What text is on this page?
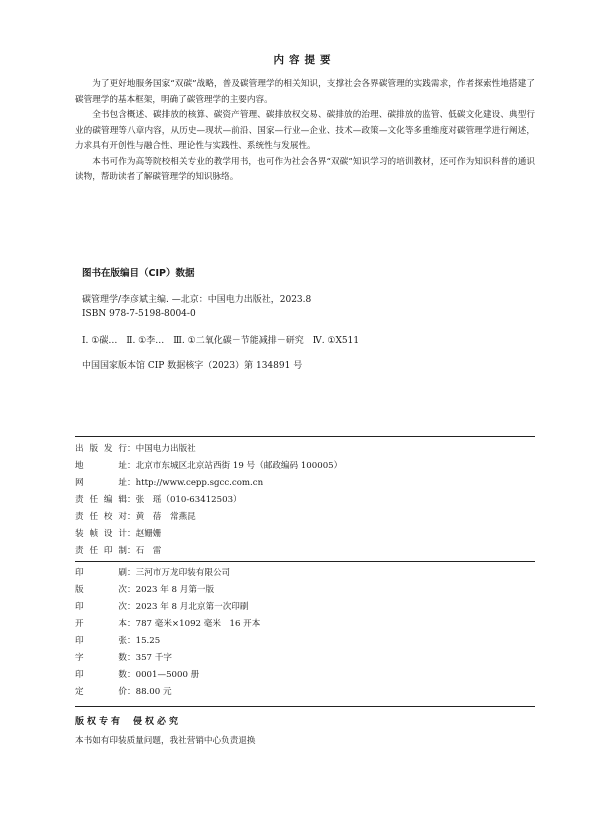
内容提要

为了更好地服务国家“双碳”战略，普及碳管理学的相关知识，支撑社会各界碳管理的实践需求，作者探索性地搭建了碳管理学的基本框架，明确了碳管理学的主要内容。

全书包含概述、碳排放的核算、碳资产管理、碳排放权交易、碳排放的治理、碳排放的监管、低碳文化建设、典型行业的碳管理等八章内容，从历史—现状—前沿、国家—行业—企业、技术—政策—文化等多重维度对碳管理学进行阐述，力求具有开创性与融合性、理论性与实践性、系统性与发展性。

本书可作为高等院校相关专业的教学用书，也可作为社会各界“双碳”知识学习的培训教材，还可作为知识科普的通识读物，帮助读者了解碳管理学的知识脉络。

图书在版编目（CIP）数据
碳管理学/李彦斌主编. —北京：中国电力出版社，2023.8
ISBN 978-7-5198-8004-0
Ⅰ. ①碳…　Ⅱ. ①李…　Ⅲ. ①二氧化碳－节能减排－研究　Ⅳ. ①X511
中国国家版本馆 CIP 数据核字（2023）第 134891 号
出版发行：中国电力出版社
地址：北京市东城区北京站西街 19 号（邮政编码 100005）
网址：http://www.cepp.sgcc.com.cn
责任编辑：张　瑶（010-63412503）
责任校对：黄　蓓　常燕昆
装帧设计：赵姗姗
责任印制：石　雷
印刷：三河市万龙印装有限公司
版次：2023 年 8 月第一版
印次：2023 年 8 月北京第一次印刷
开本：787 毫米×1092 毫米　16 开本
印张：15.25
字数：357 千字
印数：0001—5000 册
定价：88.00 元
版权专有 侵权必究
本书如有印装质量问题，我社营销中心负责退换
